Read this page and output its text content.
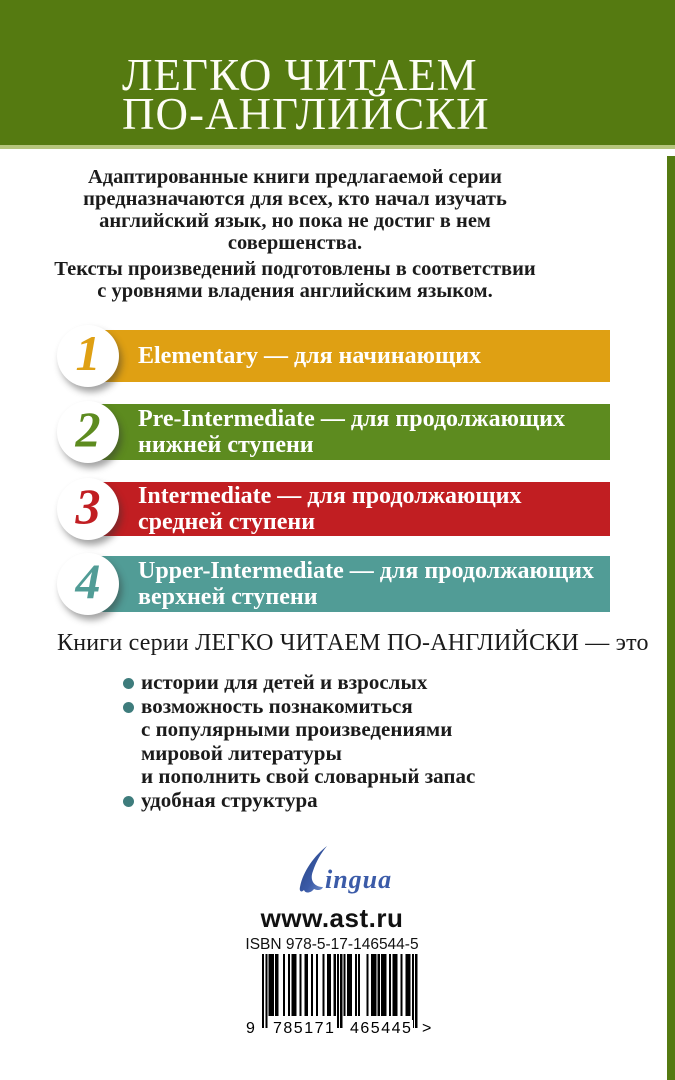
ЛЕГКО ЧИТАЕМ
ПО-АНГЛИЙСКИ
Адаптированные книги предлагаемой серии
предназначаются для всех, кто начал изучать
английский язык, но пока не достиг в нем
совершенства.
Тексты произведений подготовлены в соответствии
с уровнями владения английским языком.
Elementary — для начинающих
1
Pre-Intermediate — для продолжающих
нижней ступени
2
Intermediate — для продолжающих
средней ступени
3
Upper-Intermediate — для продолжающих
верхней ступени
4
Книги серии ЛЕГКО ЧИТАЕМ ПО-АНГЛИЙСКИ — это
истории для детей и взрослых
возможность познакомиться
с популярными произведениями
мировой литературы
и пополнить свой словарный запас
удобная структура
ingua
www.ast.ru
ISBN 978-5-17-146544-5
9 785171 465445 >
